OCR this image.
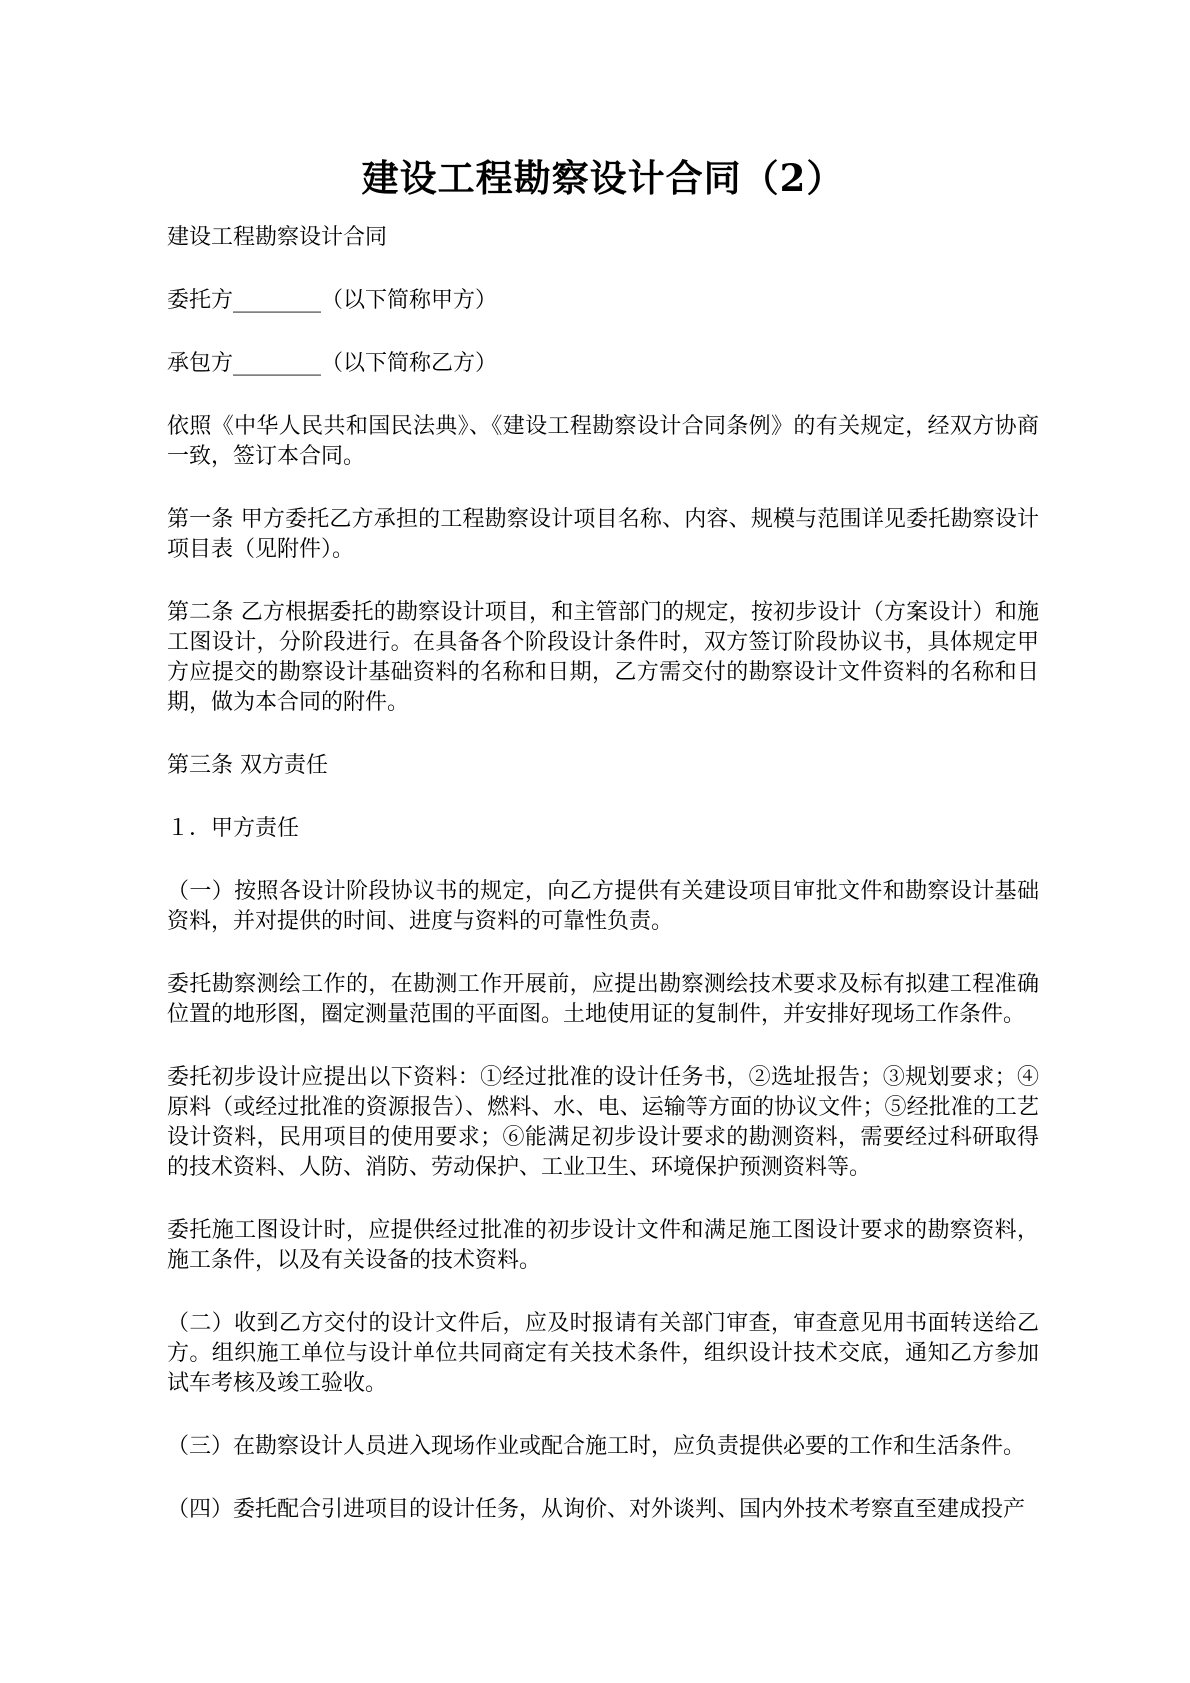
建设工程勘察设计合同（2）

建设工程勘察设计合同

委托方________（以下简称甲方）

承包方________（以下简称乙方）

依照《中华人民共和国民法典》、《建设工程勘察设计合同条例》的有关规定，经双方协商一致，签订本合同。

第一条 甲方委托乙方承担的工程勘察设计项目名称、内容、规模与范围详见委托勘察设计项目表（见附件）。

第二条 乙方根据委托的勘察设计项目，和主管部门的规定，按初步设计（方案设计）和施工图设计，分阶段进行。在具备各个阶段设计条件时，双方签订阶段协议书，具体规定甲方应提交的勘察设计基础资料的名称和日期，乙方需交付的勘察设计文件资料的名称和日期，做为本合同的附件。

第三条 双方责任

１．甲方责任

（一）按照各设计阶段协议书的规定，向乙方提供有关建设项目审批文件和勘察设计基础资料，并对提供的时间、进度与资料的可靠性负责。

委托勘察测绘工作的，在勘测工作开展前，应提出勘察测绘技术要求及标有拟建工程准确位置的地形图，圈定测量范围的平面图。土地使用证的复制件，并安排好现场工作条件。

委托初步设计应提出以下资料：①经过批准的设计任务书，②选址报告；③规划要求；④原料（或经过批准的资源报告）、燃料、水、电、运输等方面的协议文件；⑤经批准的工艺设计资料，民用项目的使用要求；⑥能满足初步设计要求的勘测资料，需要经过科研取得的技术资料、人防、消防、劳动保护、工业卫生、环境保护预测资料等。

委托施工图设计时，应提供经过批准的初步设计文件和满足施工图设计要求的勘察资料，施工条件，以及有关设备的技术资料。

（二）收到乙方交付的设计文件后，应及时报请有关部门审查，审查意见用书面转送给乙方。组织施工单位与设计单位共同商定有关技术条件，组织设计技术交底，通知乙方参加试车考核及竣工验收。

（三）在勘察设计人员进入现场作业或配合施工时，应负责提供必要的工作和生活条件。

（四）委托配合引进项目的设计任务，从询价、对外谈判、国内外技术考察直至建成投产
